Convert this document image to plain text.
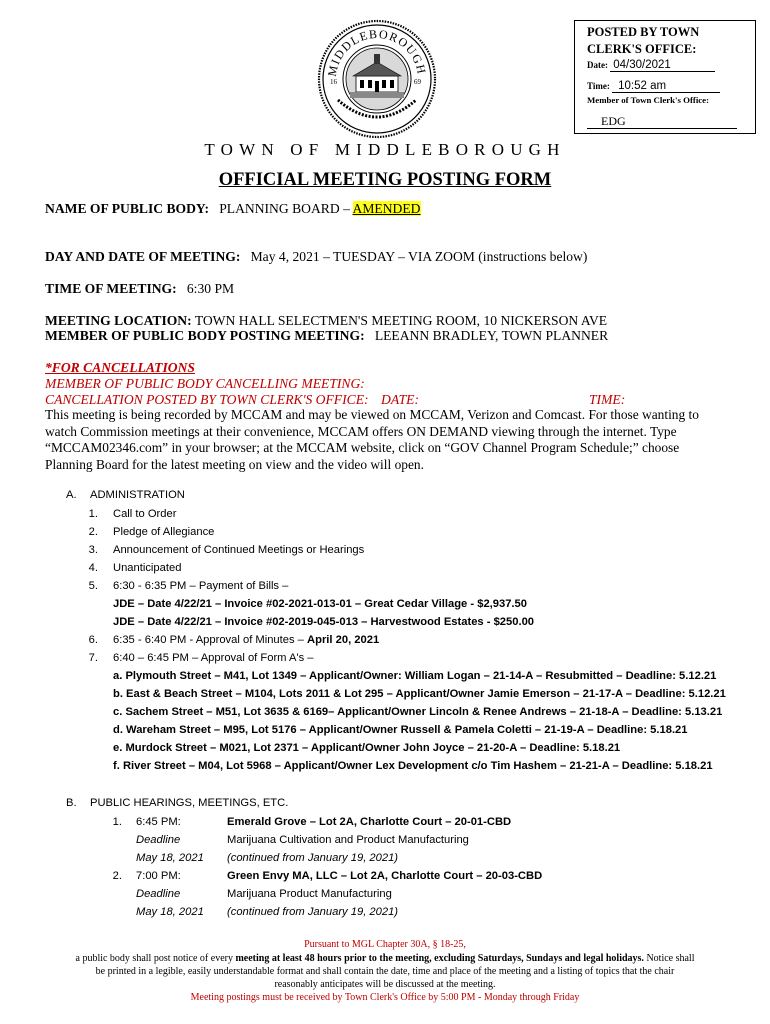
MIDDLEBOROUGH
16	69
POSTED BY TOWN
CLERK'S OFFICE:
Date: 04/30/2021
Time: 10:52 am
Member of Town Clerk's Office:
EDG
TOWN OF MIDDLEBOROUGH
OFFICIAL MEETING POSTING FORM
NAME OF PUBLIC BODY: PLANNING BOARD – AMENDED
DAY AND DATE OF MEETING: May 4, 2021 – TUESDAY – VIA ZOOM (instructions below)
TIME OF MEETING: 6:30 PM
MEETING LOCATION: TOWN HALL SELECTMEN'S MEETING ROOM, 10 NICKERSON AVE
MEMBER OF PUBLIC BODY POSTING MEETING: LEEANN BRADLEY, TOWN PLANNER
*FOR CANCELLATIONS
MEMBER OF PUBLIC BODY CANCELLING MEETING:
CANCELLATION POSTED BY TOWN CLERK'S OFFICE: DATE:	TIME:
This meeting is being recorded by MCCAM and may be viewed on MCCAM, Verizon and Comcast. For those wanting to
watch Commission meetings at their convenience, MCCAM offers ON DEMAND viewing through the internet. Type
“MCCAM02346.com” in your browser; at the MCCAM website, click on “GOV Channel Program Schedule;” choose
Planning Board for the latest meeting on view and the video will open.
A. ADMINISTRATION
1. Call to Order
2. Pledge of Allegiance
3. Announcement of Continued Meetings or Hearings
4. Unanticipated
5. 6:30 - 6:35 PM – Payment of Bills –
JDE – Date 4/22/21 – Invoice #02-2021-013-01 – Great Cedar Village - $2,937.50
JDE – Date 4/22/21 – Invoice #02-2019-045-013 – Harvestwood Estates - $250.00
6. 6:35 - 6:40 PM - Approval of Minutes – April 20, 2021
7. 6:40 – 6:45 PM – Approval of Form A's –
a. Plymouth Street – M41, Lot 1349 – Applicant/Owner: William Logan – 21-14-A – Resubmitted – Deadline: 5.12.21
b. East & Beach Street – M104, Lots 2011 & Lot 295 – Applicant/Owner Jamie Emerson – 21-17-A – Deadline: 5.12.21
c. Sachem Street – M51, Lot 3635 & 6169– Applicant/Owner Lincoln & Renee Andrews – 21-18-A – Deadline: 5.13.21
d. Wareham Street – M95, Lot 5176 – Applicant/Owner Russell & Pamela Coletti – 21-19-A – Deadline: 5.18.21
e. Murdock Street – M021, Lot 2371 – Applicant/Owner John Joyce – 21-20-A – Deadline: 5.18.21
f. River Street – M04, Lot 5968 – Applicant/Owner Lex Development c/o Tim Hashem – 21-21-A – Deadline: 5.18.21
B. PUBLIC HEARINGS, MEETINGS, ETC.
1. 6:45 PM:	Emerald Grove – Lot 2A, Charlotte Court – 20-01-CBD
Deadline	Marijuana Cultivation and Product Manufacturing
May 18, 2021 (continued from January 19, 2021)
2. 7:00 PM:	Green Envy MA, LLC – Lot 2A, Charlotte Court – 20-03-CBD
Deadline	Marijuana Product Manufacturing
May 18, 2021 (continued from January 19, 2021)
Pursuant to MGL Chapter 30A, § 18-25,
a public body shall post notice of every meeting at least 48 hours prior to the meeting, excluding Saturdays, Sundays and legal holidays. Notice shall
be printed in a legible, easily understandable format and shall contain the date, time and place of the meeting and a listing of topics that the chair
reasonably anticipates will be discussed at the meeting.
Meeting postings must be received by Town Clerk's Office by 5:00 PM - Monday through Friday
